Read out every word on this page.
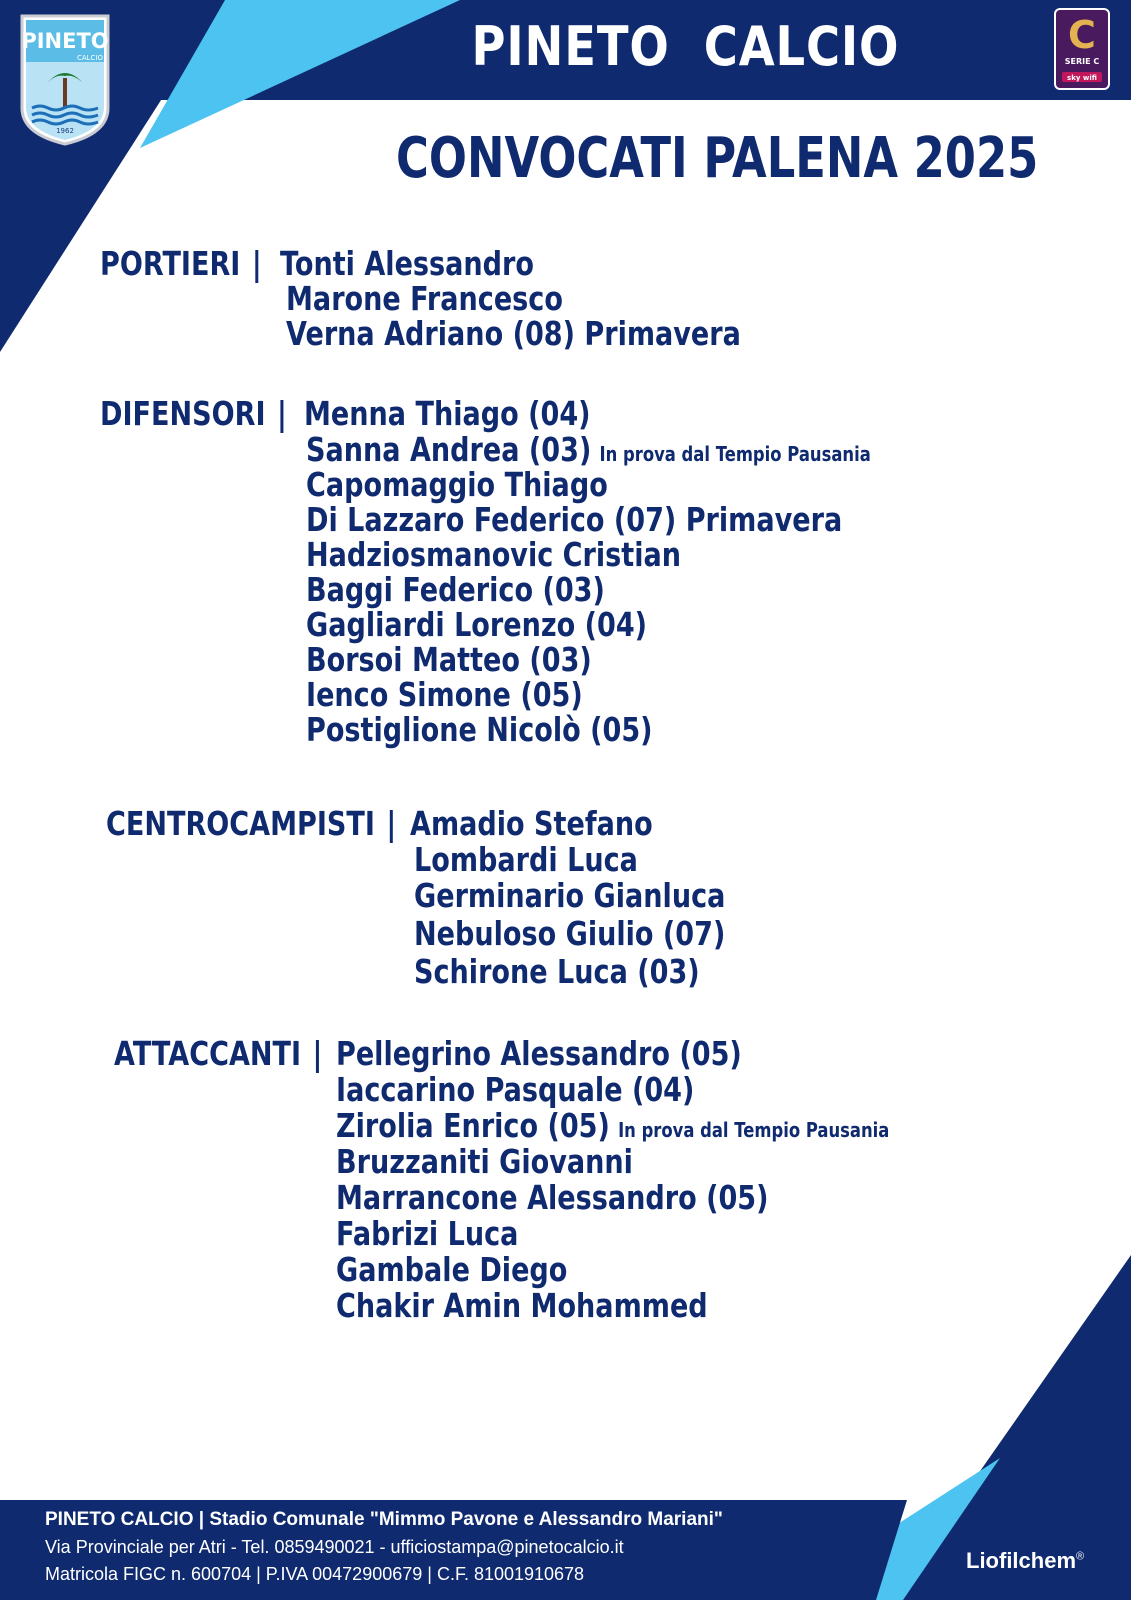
PINETO
CALCIO
1962
C
SERIE C
sky wifi
PINETO  CALCIO
CONVOCATI PALENA 2025
PORTIERI | Tonti Alessandro
Marone Francesco
Verna Adriano (08) Primavera
DIFENSORI | Menna Thiago (04)
Sanna Andrea (03) In prova dal Tempio Pausania
Capomaggio Thiago
Di Lazzaro Federico (07) Primavera
Hadziosmanovic Cristian
Baggi Federico (03)
Gagliardi Lorenzo (04)
Borsoi Matteo (03)
Ienco Simone (05)
Postiglione Nicolò (05)
CENTROCAMPISTI | Amadio Stefano
Lombardi Luca
Germinario Gianluca
Nebuloso Giulio (07)
Schirone Luca (03)
ATTACCANTI | Pellegrino Alessandro (05)
Iaccarino Pasquale (04)
Zirolia Enrico (05) In prova dal Tempio Pausania
Bruzzaniti Giovanni
Marrancone Alessandro (05)
Fabrizi Luca
Gambale Diego
Chakir Amin Mohammed
PINETO CALCIO | Stadio Comunale "Mimmo Pavone e Alessandro Mariani"
Via Provinciale per Atri - Tel. 0859490021 - ufficiostampa@pinetocalcio.it
Matricola FIGC n. 600704 | P.IVA 00472900679 | C.F. 81001910678
Liofilchem®
